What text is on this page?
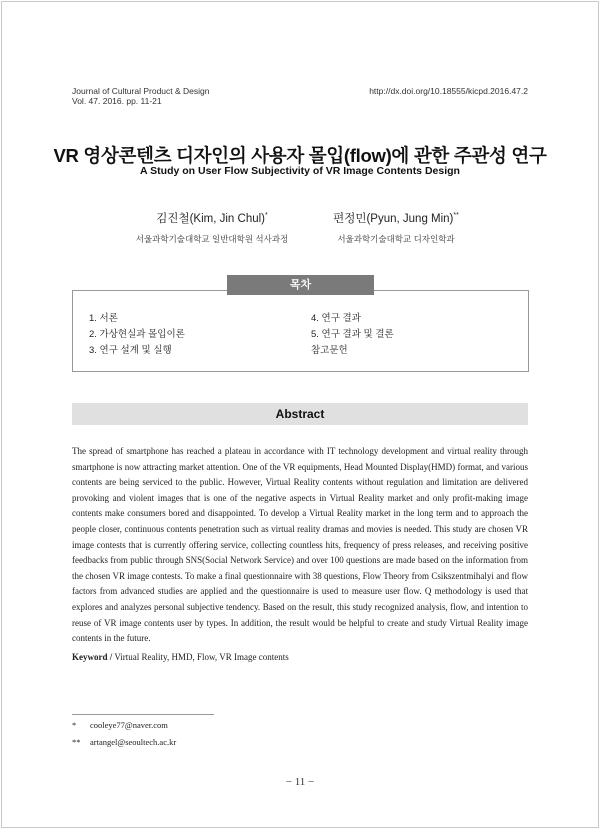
Journal of Cultural Product & Design
Vol. 47. 2016. pp. 11-21
http://dx.doi.org/10.18555/kicpd.2016.47.2
VR 영상콘텐츠 디자인의 사용자 몰입(flow)에 관한 주관성 연구
A Study on User Flow Subjectivity of VR Image Contents Design
김진철(Kim, Jin Chul)*
서울과학기술대학교 일반대학원 석사과정
편정민(Pyun, Jung Min)**
서울과학기술대학교 디자인학과
목차
1. 서론
2. 가상현실과 몰입이론
3. 연구 설계 및 실행
4. 연구 결과
5. 연구 결과 및 결론
참고문헌
Abstract
The spread of smartphone has reached a plateau in accordance with IT technology development and virtual reality through smartphone is now attracting market attention. One of the VR equipments, Head Mounted Display(HMD) format, and various contents are being serviced to the public. However, Virtual Reality contents without regulation and limitation are delivered provoking and violent images that is one of the negative aspects in Virtual Reality market and only profit-making image contents make consumers bored and disappointed. To develop a Virtual Reality market in the long term and to approach the people closer, continuous contents penetration such as virtual reality dramas and movies is needed. This study are chosen VR image contests that is currently offering service, collecting countless hits, frequency of press releases, and receiving positive feedbacks from public through SNS(Social Network Service) and over 100 questions are made based on the information from the chosen VR image contests. To make a final questionnaire with 38 questions, Flow Theory from Csikszentmihalyi and flow factors from advanced studies are applied and the questionnaire is used to measure user flow. Q methodology is used that explores and analyzes personal subjective tendency. Based on the result, this study recognized analysis, flow, and intention to reuse of VR image contents user by types. In addition, the result would be helpful to create and study Virtual Reality image contents in the future.
Keyword / Virtual Reality, HMD, Flow, VR Image contents
* cooleye77@naver.com
** artangel@seoultech.ac.kr
− 11 −
